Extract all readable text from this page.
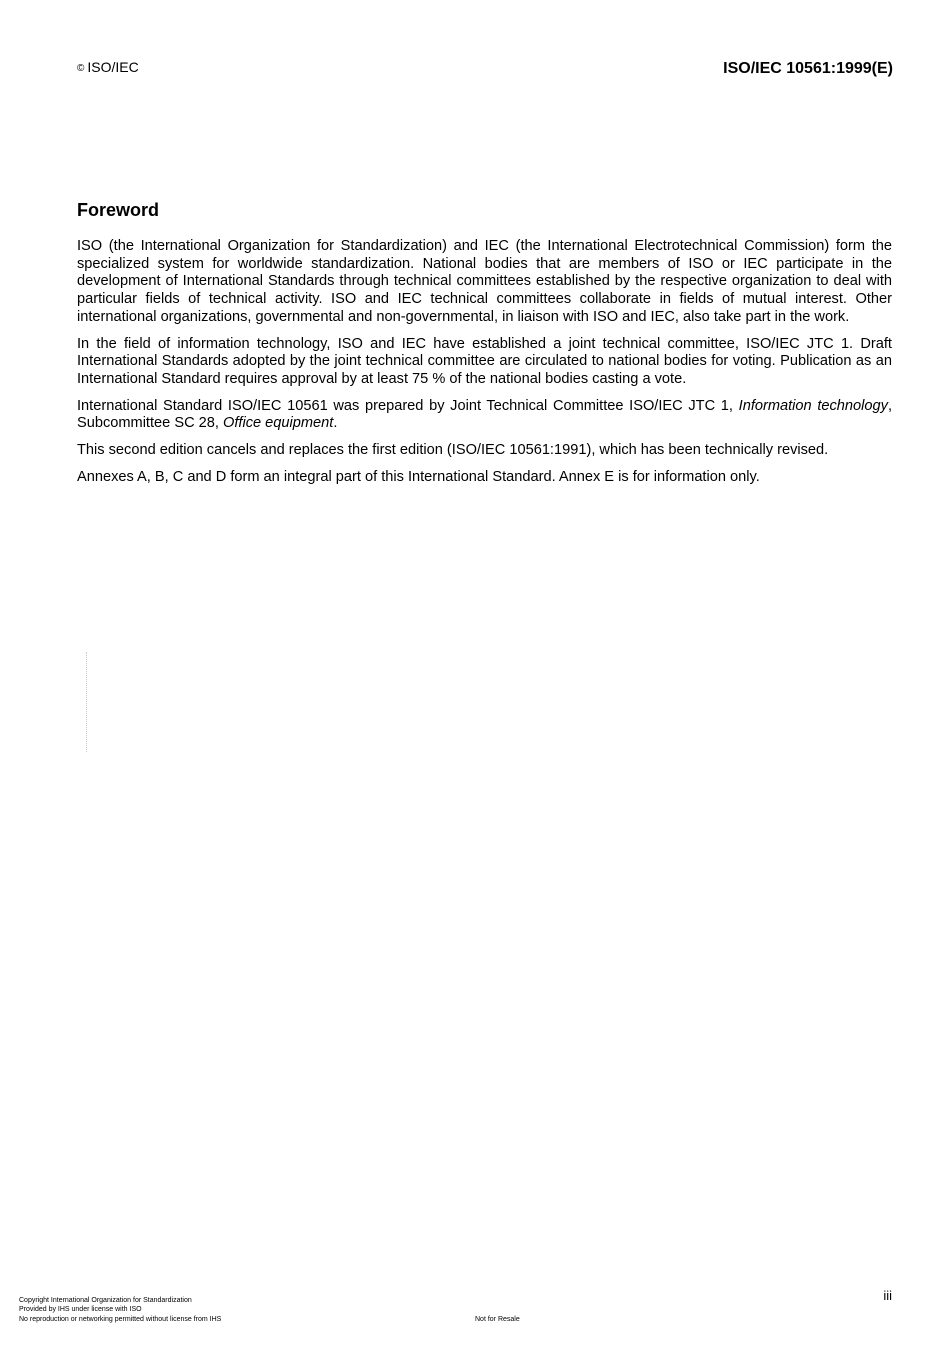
© ISO/IEC	ISO/IEC 10561:1999(E)
Foreword

ISO (the International Organization for Standardization) and IEC (the International Electrotechnical Commission) form the specialized system for worldwide standardization. National bodies that are members of ISO or IEC participate in the development of International Standards through technical committees established by the respective organization to deal with particular fields of technical activity. ISO and IEC technical committees collaborate in fields of mutual interest. Other international organizations, governmental and non-governmental, in liaison with ISO and IEC, also take part in the work.

In the field of information technology, ISO and IEC have established a joint technical committee, ISO/IEC JTC 1. Draft International Standards adopted by the joint technical committee are circulated to national bodies for voting. Publication as an International Standard requires approval by at least 75 % of the national bodies casting a vote.

International Standard ISO/IEC 10561 was prepared by Joint Technical Committee ISO/IEC JTC 1, Information technology, Subcommittee SC 28, Office equipment.

This second edition cancels and replaces the first edition (ISO/IEC 10561:1991), which has been technically revised.

Annexes A, B, C and D form an integral part of this International Standard. Annex E is for information only.

iii
Copyright International Organization for Standardization
Provided by IHS under license with ISO
No reproduction or networking permitted without license from IHS	Not for Resale
